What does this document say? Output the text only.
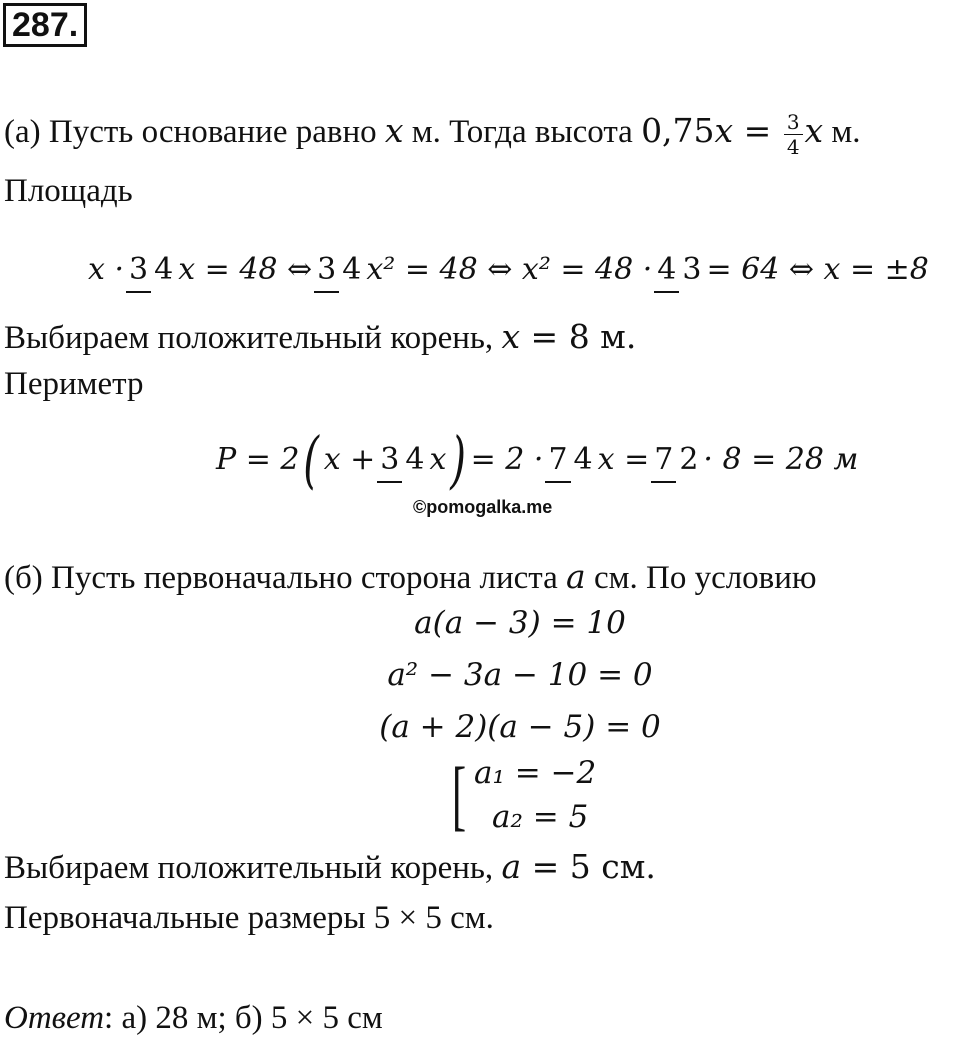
287.
(а) Пусть основание равно x м. Тогда высота $0,75x = \frac{3}{4}$ x м.
Площадь
x · 3 4 x = 48 ⇔ 3 4 x² = 48 ⇔ x² = 48 · 4 3 = 64 ⇔ x = ±8
Выбираем положительный корень, x = 8 м.
Периметр
P = 2 ( x + 3 4 x ) = 2 · 7 4 x = 7 2 · 8 = 28 м
©pomogalka.me
(б) Пусть первоначально сторона листа a см. По условию
a(a − 3) = 10
a² − 3a − 10 = 0
(a + 2)(a − 5) = 0
[ a₁ = −2
a₂ = 5
Выбираем положительный корень, a = 5 см.
Первоначальные размеры 5 × 5 см.
Ответ: а) 28 м; б) 5 × 5 см
